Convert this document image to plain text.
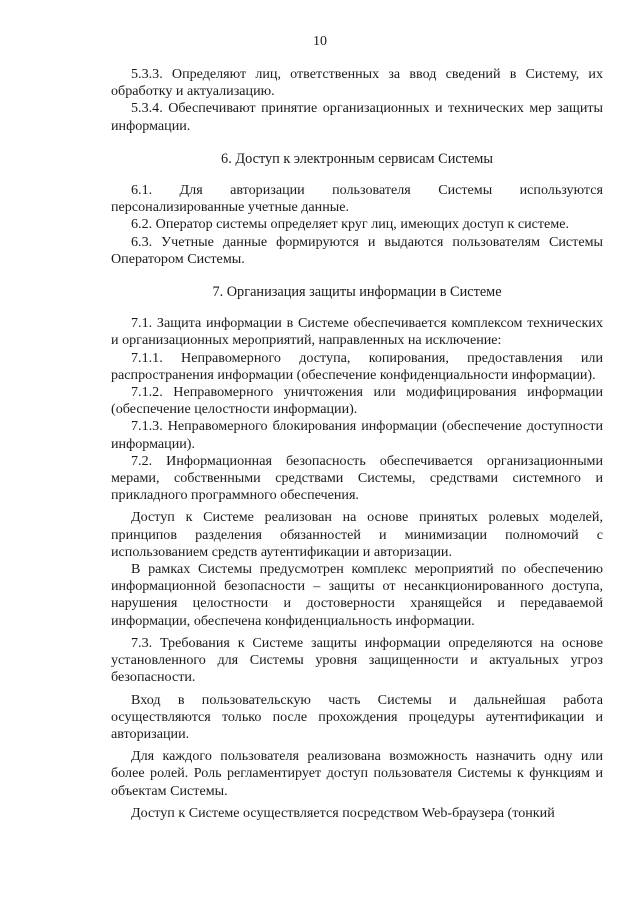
10

5.3.3. Определяют лиц, ответственных за ввод сведений в Систему, их обработку и актуализацию.

5.3.4. Обеспечивают принятие организационных и технических мер защиты информации.

6. Доступ к электронным сервисам Системы

6.1. Для авторизации пользователя Системы используются персонализированные учетные данные.

6.2. Оператор системы определяет круг лиц, имеющих доступ к системе.

6.3. Учетные данные формируются и выдаются пользователям Системы Оператором Системы.

7. Организация защиты информации в Системе

7.1. Защита информации в Системе обеспечивается комплексом технических и организационных мероприятий, направленных на исключение:

7.1.1. Неправомерного доступа, копирования, предоставления или распространения информации (обеспечение конфиденциальности информации).

7.1.2. Неправомерного уничтожения или модифицирования информации (обеспечение целостности информации).

7.1.3. Неправомерного блокирования информации (обеспечение доступности информации).

7.2. Информационная безопасность обеспечивается организационными мерами, собственными средствами Системы, средствами системного и прикладного программного обеспечения.

Доступ к Системе реализован на основе принятых ролевых моделей, принципов разделения обязанностей и минимизации полномочий с использованием средств аутентификации и авторизации.

В рамках Системы предусмотрен комплекс мероприятий по обеспечению информационной безопасности – защиты от несанкционированного доступа, нарушения целостности и достоверности хранящейся и передаваемой информации, обеспечена конфиденциальность информации.

7.3. Требования к Системе защиты информации определяются на основе установленного для Системы уровня защищенности и актуальных угроз безопасности.

Вход в пользовательскую часть Системы и дальнейшая работа осуществляются только после прохождения процедуры аутентификации и авторизации.

Для каждого пользователя реализована возможность назначить одну или более ролей. Роль регламентирует доступ пользователя Системы к функциям и объектам Системы.

Доступ к Системе осуществляется посредством Web-браузера (тонкий
